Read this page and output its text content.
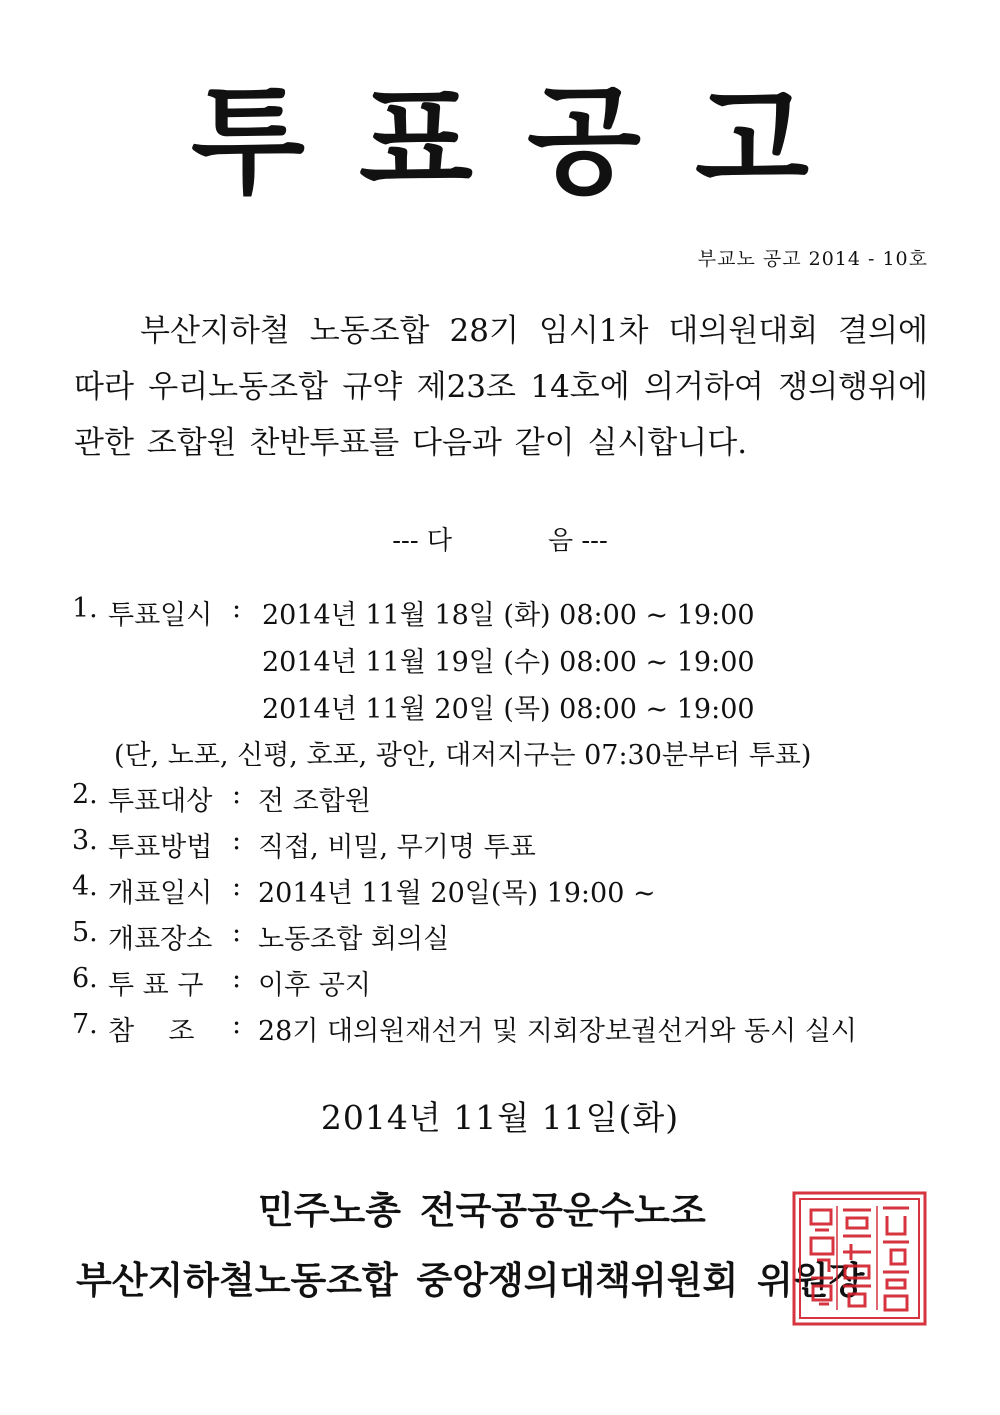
투 표 공 고
부교노 공고 2014 - 10호
부산지하철 노동조합 28기 임시1차 대의원대회 결의에 따라 우리노동조합 규약 제23조 14호에 의거하여 쟁의행위에 관한 조합원 찬반투표를 다음과 같이 실시합니다.
--- 다	음 ---
1. 투표일시 : 2014년 11월 18일 (화) 08:00 ~ 19:00
2014년 11월 19일 (수) 08:00 ~ 19:00
2014년 11월 20일 (목) 08:00 ~ 19:00
(단, 노포, 신평, 호포, 광안, 대저지구는 07:30분부터 투표)
2. 투표대상 : 전 조합원
3. 투표방법 : 직접, 비밀, 무기명 투표
4. 개표일시 : 2014년 11월 20일(목) 19:00 ~
5. 개표장소 : 노동조합 회의실
6. 투 표 구	: 이후 공지
7. 참    조	: 28기 대의원재선거 및 지회장보궐선거와 동시 실시
2014년 11월 11일(화)
민주노총 전국공공운수노조
부산지하철노동조합 중앙쟁의대책위원회 위원장
